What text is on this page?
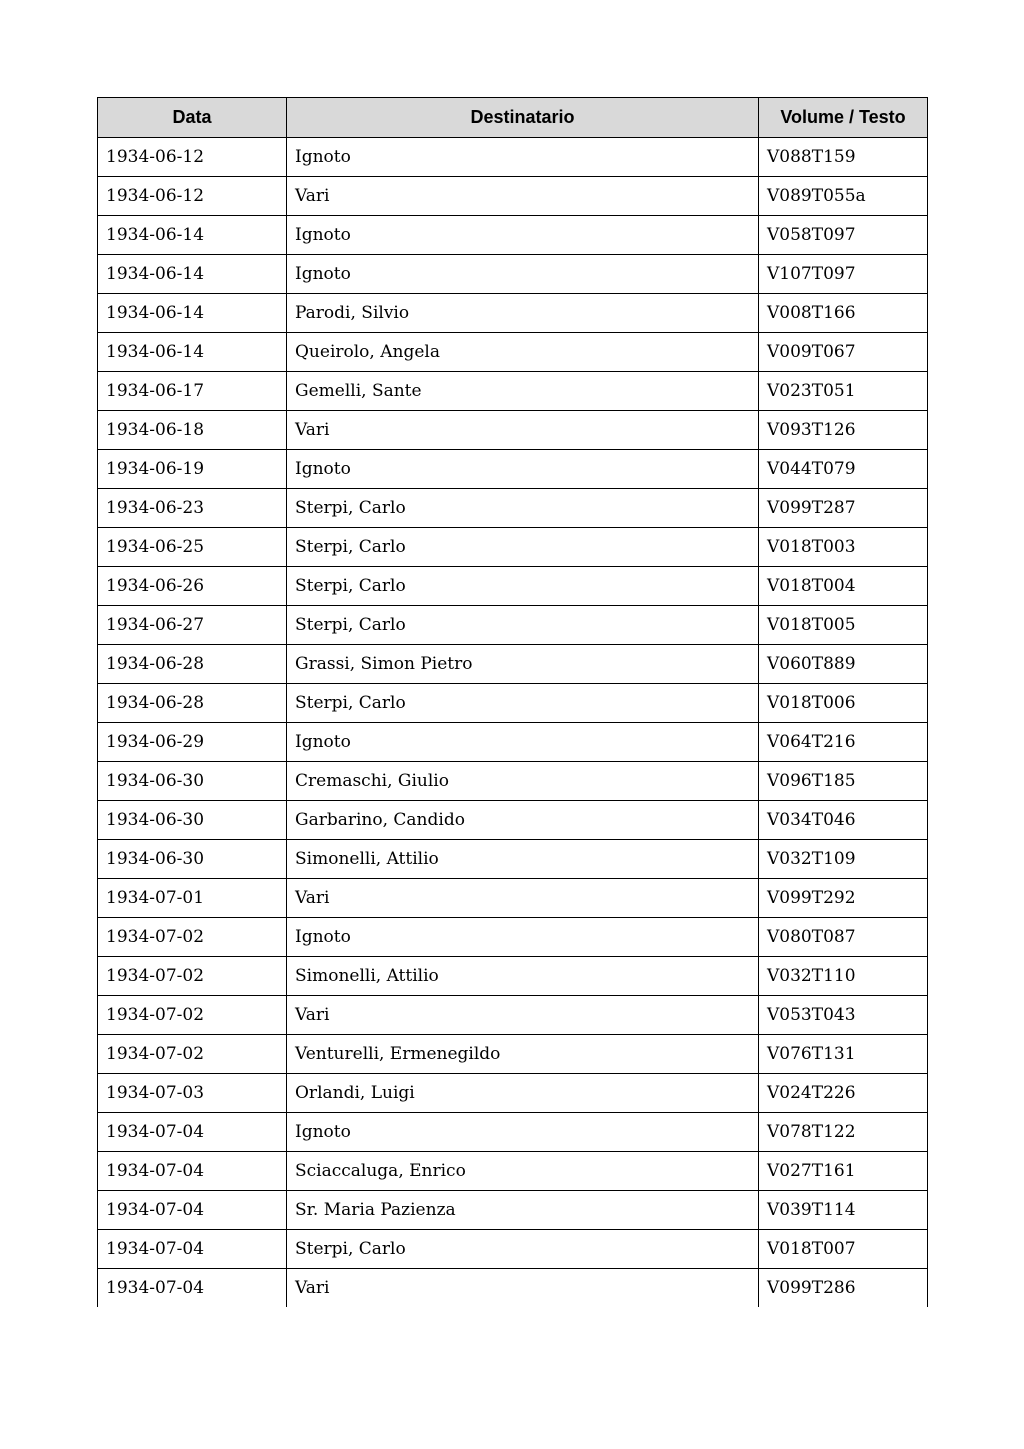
Data	Destinatario	Volume / Testo
1934-06-12	Ignoto	V088T159
1934-06-12	Vari	V089T055a
1934-06-14	Ignoto	V058T097
1934-06-14	Ignoto	V107T097
1934-06-14	Parodi, Silvio	V008T166
1934-06-14	Queirolo, Angela	V009T067
1934-06-17	Gemelli, Sante	V023T051
1934-06-18	Vari	V093T126
1934-06-19	Ignoto	V044T079
1934-06-23	Sterpi, Carlo	V099T287
1934-06-25	Sterpi, Carlo	V018T003
1934-06-26	Sterpi, Carlo	V018T004
1934-06-27	Sterpi, Carlo	V018T005
1934-06-28	Grassi, Simon Pietro	V060T889
1934-06-28	Sterpi, Carlo	V018T006
1934-06-29	Ignoto	V064T216
1934-06-30	Cremaschi, Giulio	V096T185
1934-06-30	Garbarino, Candido	V034T046
1934-06-30	Simonelli, Attilio	V032T109
1934-07-01	Vari	V099T292
1934-07-02	Ignoto	V080T087
1934-07-02	Simonelli, Attilio	V032T110
1934-07-02	Vari	V053T043
1934-07-02	Venturelli, Ermenegildo	V076T131
1934-07-03	Orlandi, Luigi	V024T226
1934-07-04	Ignoto	V078T122
1934-07-04	Sciaccaluga, Enrico	V027T161
1934-07-04	Sr. Maria Pazienza	V039T114
1934-07-04	Sterpi, Carlo	V018T007
1934-07-04	Vari	V099T286
